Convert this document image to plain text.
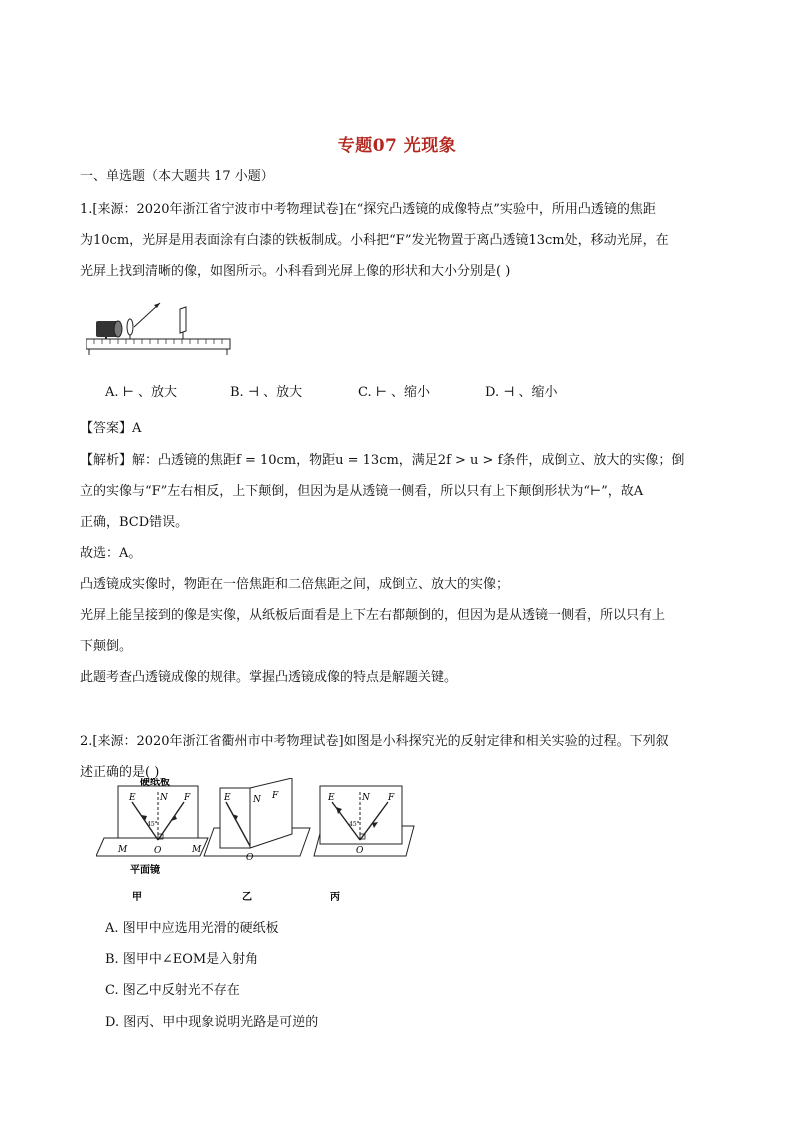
专题07 光现象
一、单选题（本大题共 17 小题）
1.[来源：2020年浙江省宁波市中考物理试卷]在“探究凸透镜的成像特点”实验中，所用凸透镜的焦距
为10cm，光屏是用表面涂有白漆的铁板制成。小科把“F”发光物置于离凸透镜13cm处，移动光屏，在
光屏上找到清晰的像，如图所示。小科看到光屏上像的形状和大小分别是( )
A. ⊢ 、放大	B. ⊣ 、放大	C. ⊢ 、缩小	D. ⊣ 、缩小
【答案】A
【解析】解：凸透镜的焦距f = 10cm，物距u = 13cm，满足2f > u > f条件，成倒立、放大的实像；倒
立的实像与“F”左右相反，上下颠倒，但因为是从透镜一侧看，所以只有上下颠倒形状为“⊢”，故A
正确，BCD错误。
故选：A。
凸透镜成实像时，物距在一倍焦距和二倍焦距之间，成倒立、放大的实像；
光屏上能呈接到的像是实像，从纸板后面看是上下左右都颠倒的，但因为是从透镜一侧看，所以只有上
下颠倒。
此题考查凸透镜成像的规律。掌握凸透镜成像的特点是解题关键。
2.[来源：2020年浙江省衢州市中考物理试卷]如图是小科探究光的反射定律和相关实验的过程。下列叙
述正确的是( )
硬纸板
E	N F
45°
O
M	M
平面镜
甲
E N F
O
乙
E	N F
45°
O
丙
A. 图甲中应选用光滑的硬纸板
B. 图甲中∠EOM是入射角
C. 图乙中反射光不存在
D. 图丙、甲中现象说明光路是可逆的
